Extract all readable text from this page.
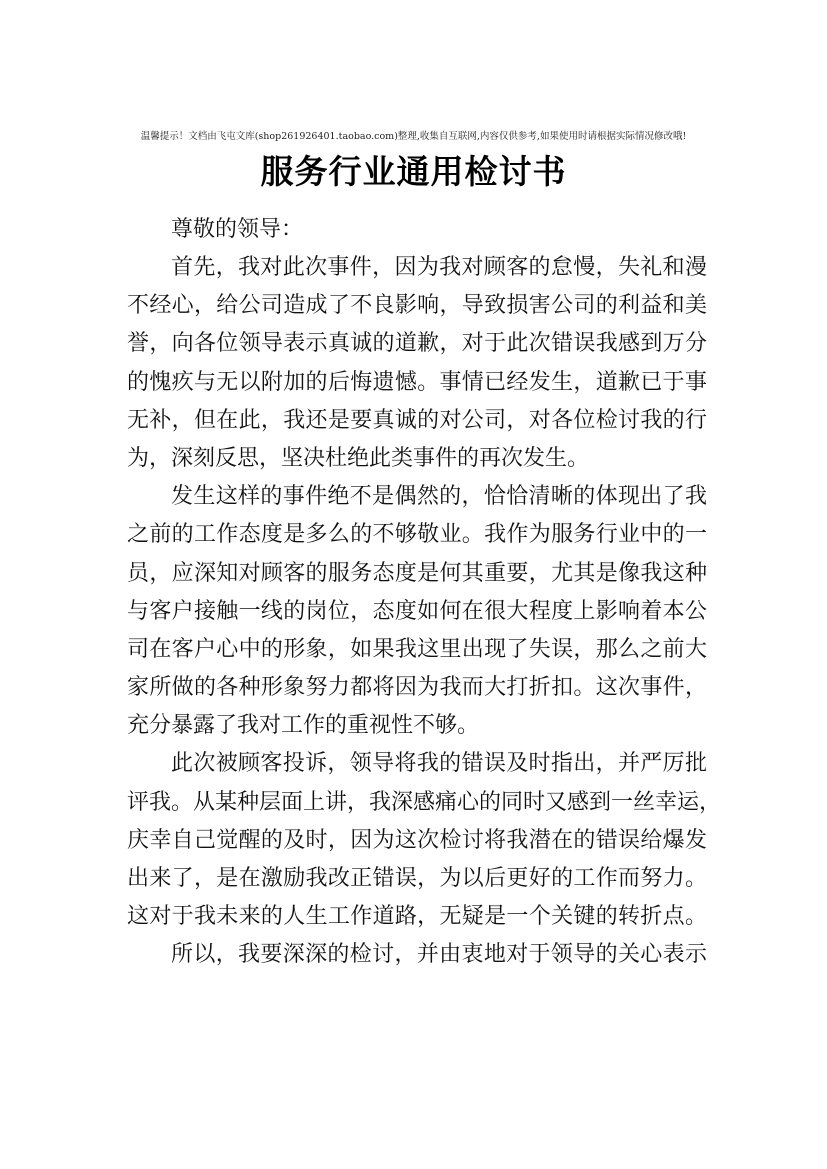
温馨提示！文档由飞屯文库(shop261926401.taobao.com)整理,收集自互联网,内容仅供参考,如果使用时请根据实际情况修改哦!
服务行业通用检讨书

尊敬的领导：

首先，我对此次事件，因为我对顾客的怠慢，失礼和漫
不经心，给公司造成了不良影响，导致损害公司的利益和美
誉，向各位领导表示真诚的道歉，对于此次错误我感到万分
的愧疚与无以附加的后悔遗憾。事情已经发生，道歉已于事
无补，但在此，我还是要真诚的对公司，对各位检讨我的行
为，深刻反思，坚决杜绝此类事件的再次发生。
发生这样的事件绝不是偶然的，恰恰清晰的体现出了我
之前的工作态度是多么的不够敬业。我作为服务行业中的一
员，应深知对顾客的服务态度是何其重要，尤其是像我这种
与客户接触一线的岗位，态度如何在很大程度上影响着本公
司在客户心中的形象，如果我这里出现了失误，那么之前大
家所做的各种形象努力都将因为我而大打折扣。这次事件，
充分暴露了我对工作的重视性不够。
此次被顾客投诉，领导将我的错误及时指出，并严厉批
评我。从某种层面上讲，我深感痛心的同时又感到一丝幸运，
庆幸自己觉醒的及时，因为这次检讨将我潜在的错误给爆发
出来了，是在激励我改正错误，为以后更好的工作而努力。
这对于我未来的人生工作道路，无疑是一个关键的转折点。
所以，我要深深的检讨，并由衷地对于领导的关心表示
